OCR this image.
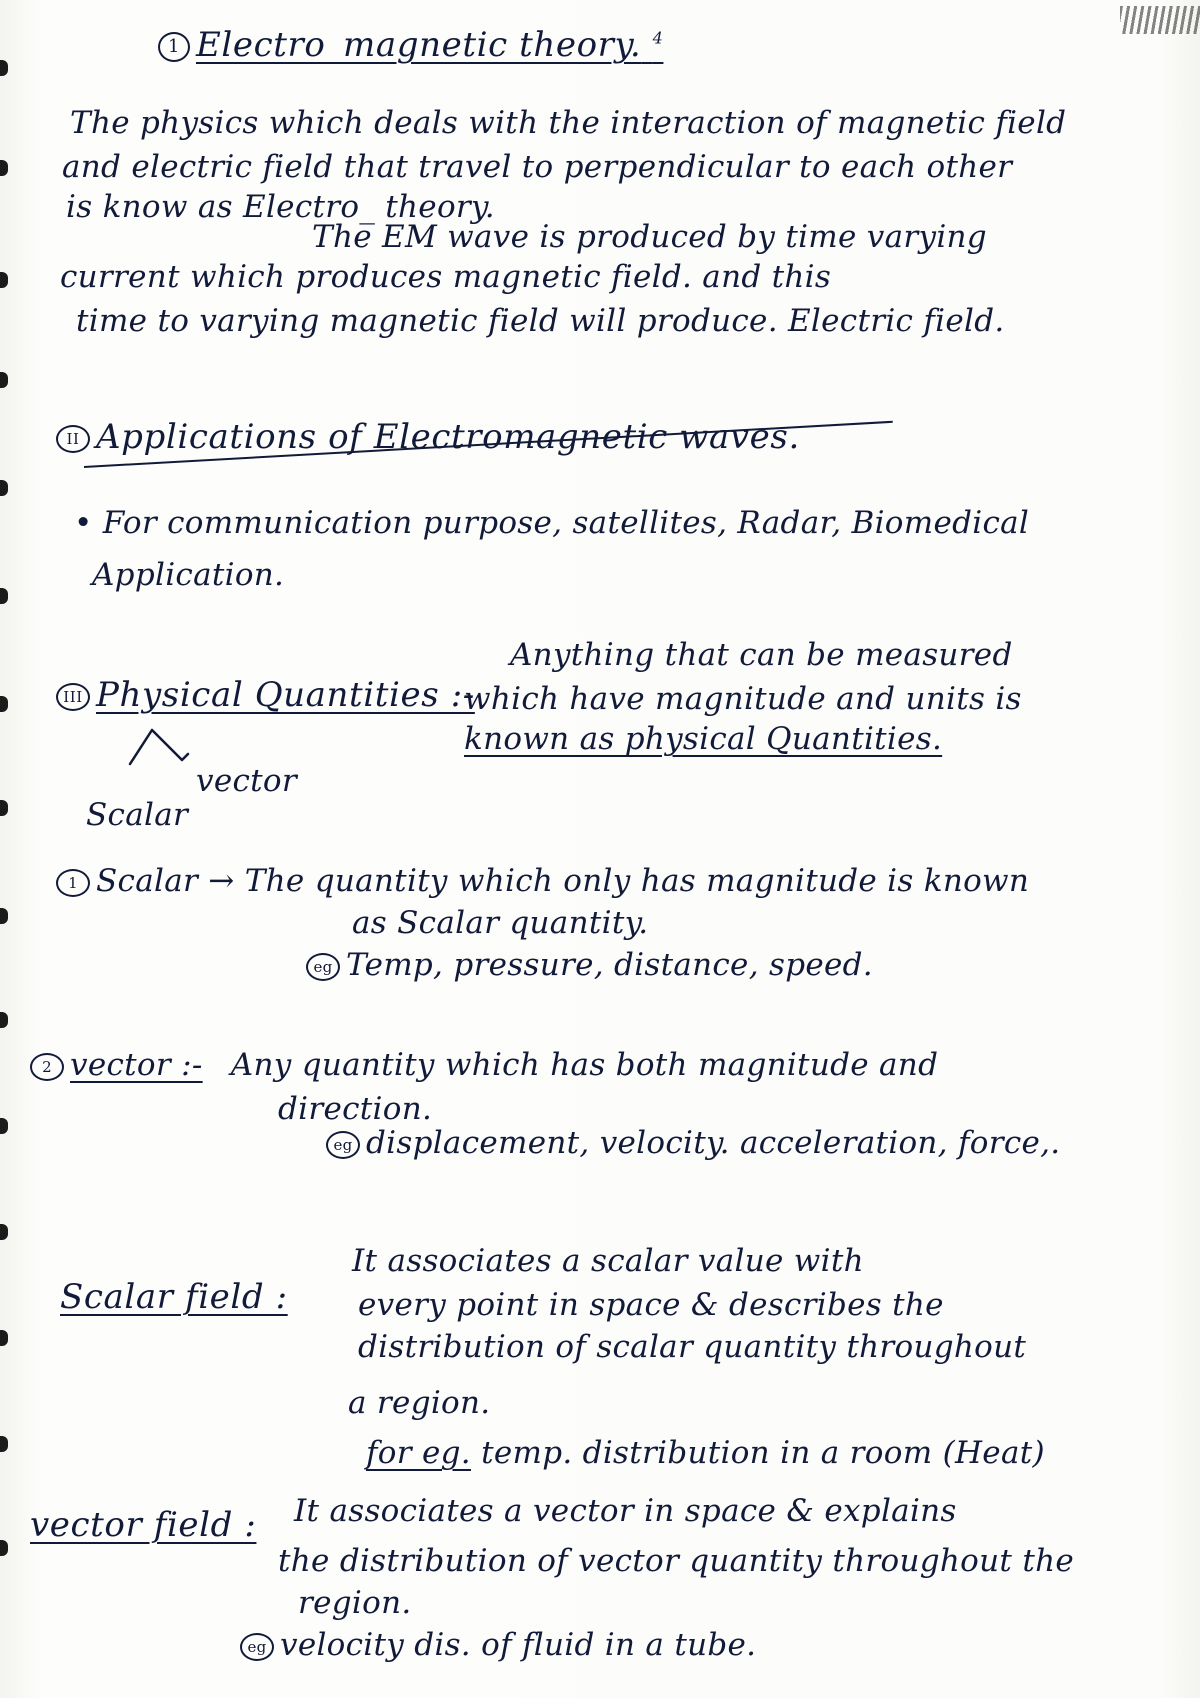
1 Electro_magnetic theory. $^4$
The physics which deals with the interaction of magnetic field
and electric field that travel to perpendicular to each other
is know as Electro_ theory.
The EM wave is produced by time varying
current which produces magnetic field. and this
time to varying magnetic field will produce. Electric field.
II Applications of Electromagnetic waves.
• For communication purpose, satellites, Radar, Biomedical
Application.
III Physical Quantities :-
Anything that can be measured
which have magnitude and units is
known as physical Quantities.
Scalar
vector
1 Scalar → The quantity which only has magnitude is known
as Scalar quantity.
eg Temp, pressure, distance, speed.
2 vector :- Any quantity which has both magnitude and
direction.
eg displacement, velocity. acceleration, force,.
Scalar field :
It associates a scalar value with
every point in space & describes the
distribution of scalar quantity throughout
a region.
for eg. temp. distribution in a room (Heat)
vector field : It associates a vector in space & explains
the distribution of vector quantity throughout the
region.
eg velocity dis. of fluid in a tube.
